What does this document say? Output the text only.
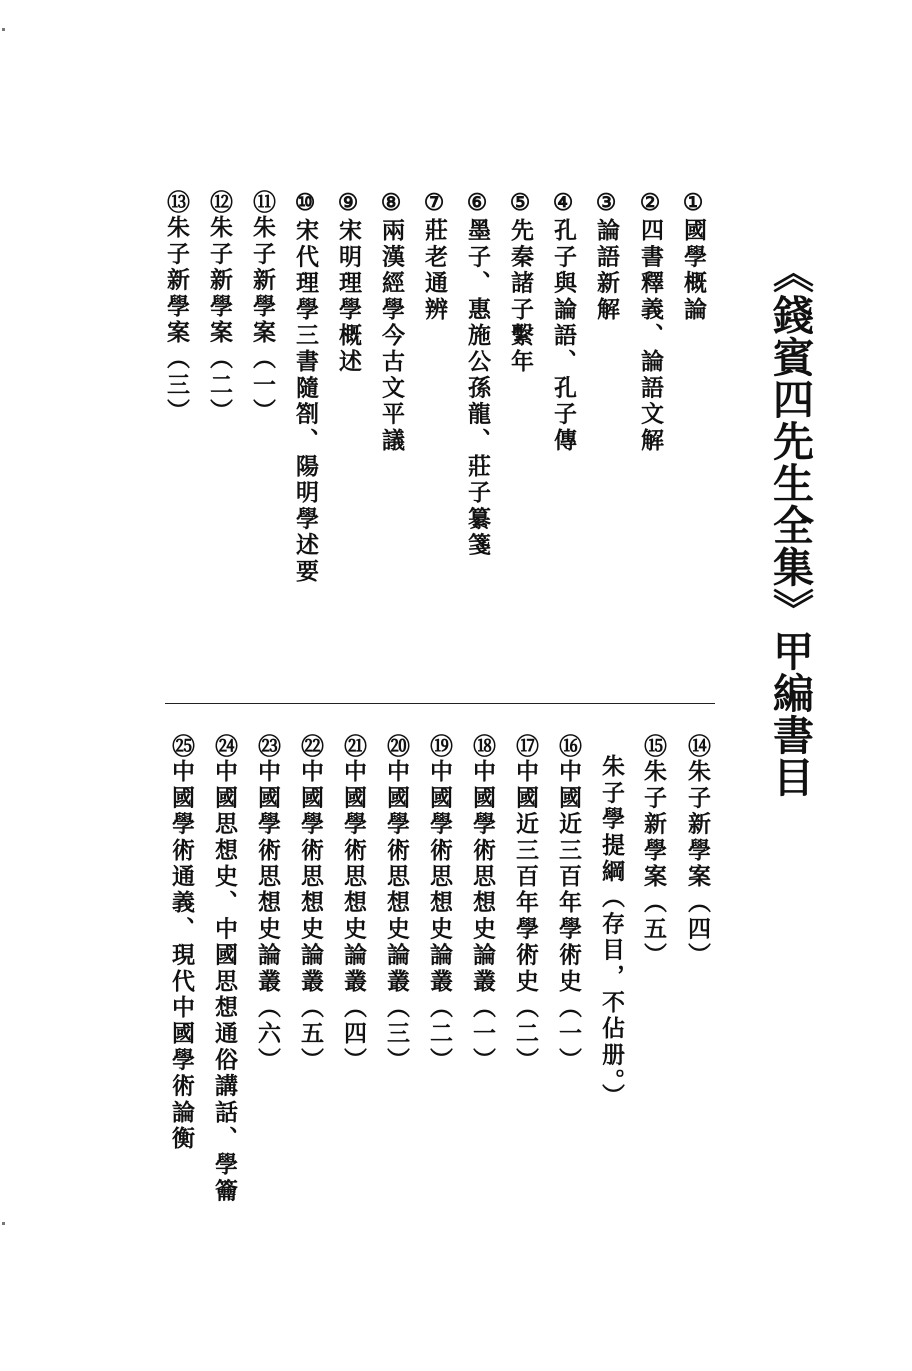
《錢賓四先生全集》甲編書目
①國學概論
②四書釋義、論語文解
③論語新解
④孔子與論語、孔子傳
⑤先秦諸子繫年
⑥墨子、惠施公孫龍、莊子纂箋
⑦莊老通辨
⑧兩漢經學今古文平議
⑨宋明理學概述
⑩宋代理學三書隨劄、陽明學述要
⑪朱子新學案（一）
⑫朱子新學案（二）
⑬朱子新學案（三）
⑭朱子新學案（四）
⑮朱子新學案（五）
朱子學提綱（存目，不佔册。）
⑯中國近三百年學術史（一）
⑰中國近三百年學術史（二）
⑱中國學術思想史論叢（一）
⑲中國學術思想史論叢（二）
⑳中國學術思想史論叢（三）
㉑中國學術思想史論叢（四）
㉒中國學術思想史論叢（五）
㉓中國學術思想史論叢（六）
㉔中國思想史、中國思想通俗講話、學籥
㉕中國學術通義、現代中國學術論衡
